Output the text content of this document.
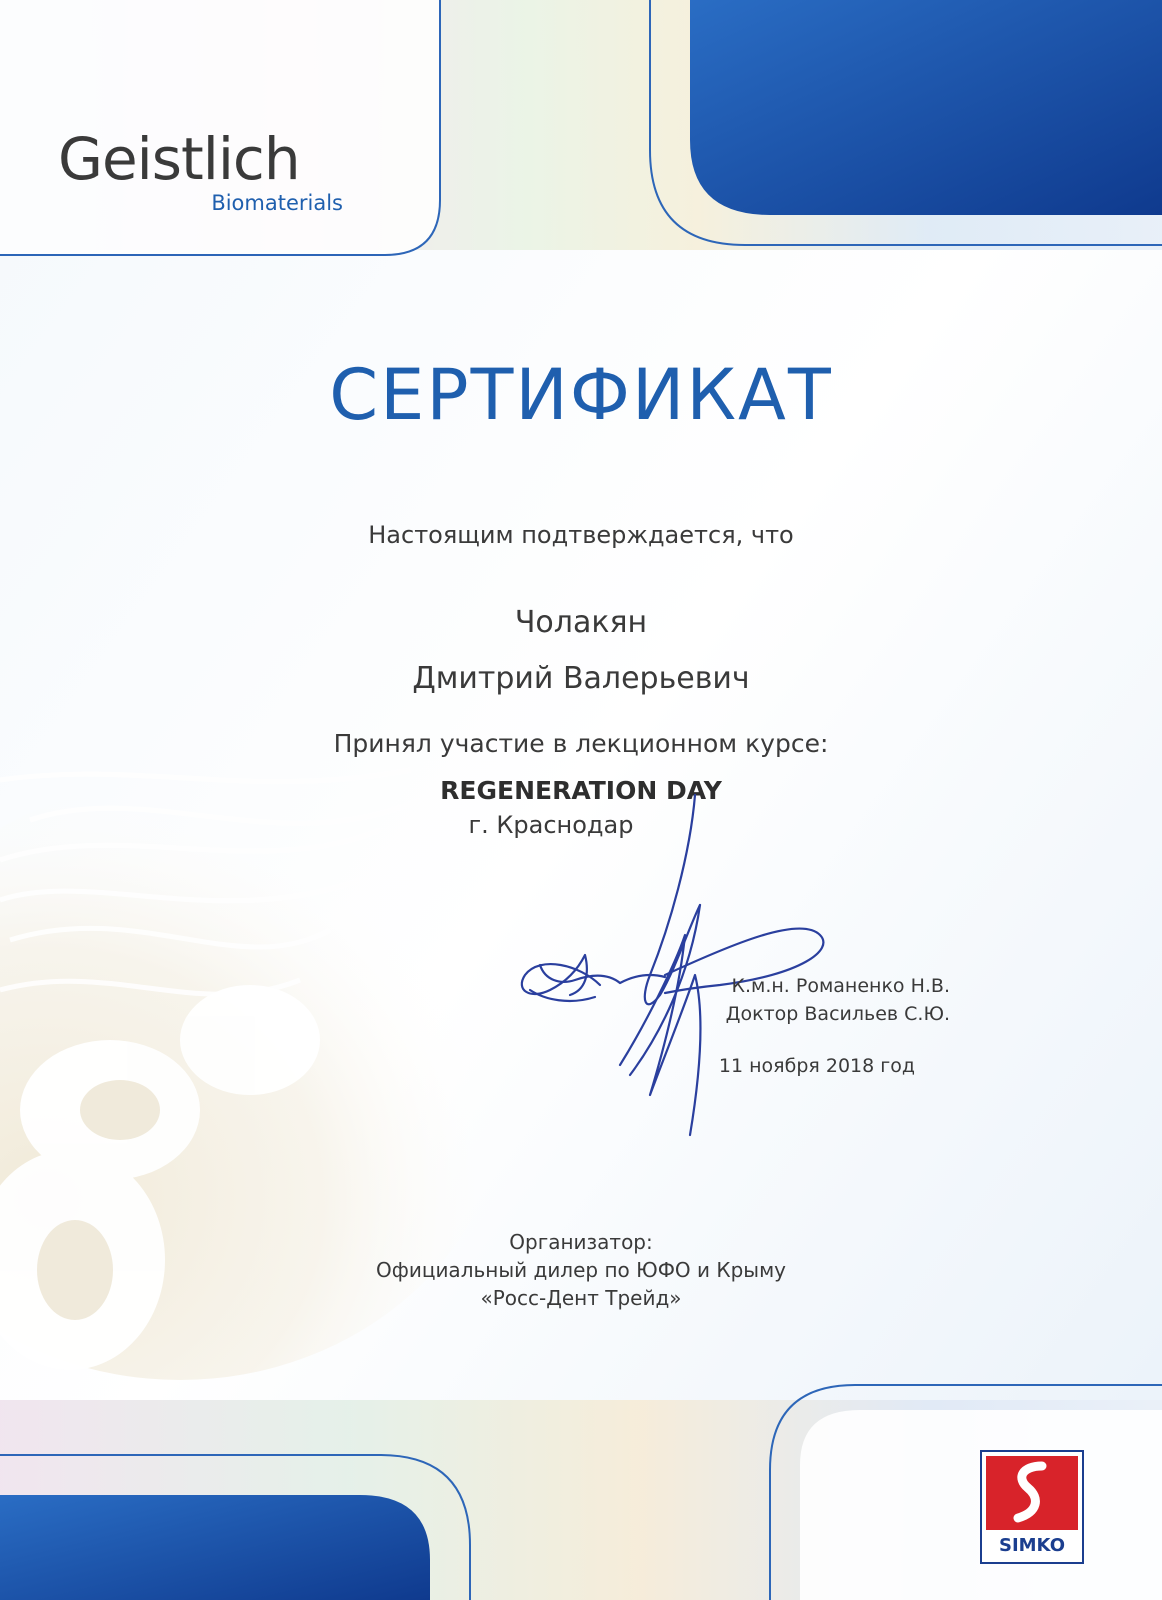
Geistlich
Biomaterials
СЕРТИФИКАТ
Настоящим подтверждается, что
Чолакян
Дмитрий Валерьевич
Принял участие в лекционном курсе:
REGENERATION DAY
г. Краснодар
К.м.н. Романенко Н.В.
Доктор Васильев С.Ю.
11 ноября 2018 год
Организатор:
Официальный дилер по ЮФО и Крыму
«Росс-Дент Трейд»
SIMKO
